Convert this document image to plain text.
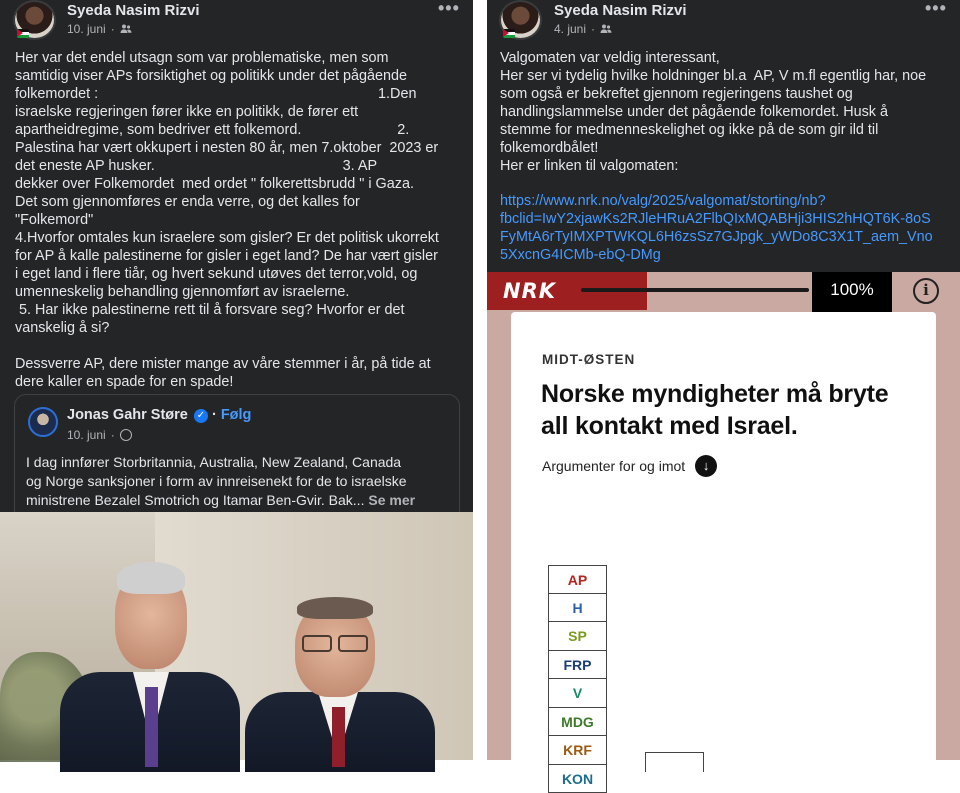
Syeda Nasim Rizvi
10. juni ·
•••
Her var det endel utsagn som var problematiske, men som
samtidig viser APs forsiktighet og politikk under det pågående
folkemordet :                                                                      1.Den
israelske regjeringen fører ikke en politikk, de fører ett
apartheidregime, som bedriver ett folkemord.                        2.
Palestina har vært okkupert i nesten 80 år, men 7.oktober  2023 er
det eneste AP husker.                                               3. AP
dekker over Folkemordet  med ordet " folkerettsbrudd " i Gaza.
Det som gjennomføres er enda verre, og det kalles for
"Folkemord"
4.Hvorfor omtales kun israelere som gisler? Er det politisk ukorrekt
for AP å kalle palestinerne for gisler i eget land? De har vært gisler
i eget land i flere tiår, og hvert sekund utøves det terror,vold, og
umenneskelig behandling gjennomført av israelerne.
5. Har ikke palestinerne rett til å forsvare seg? Hvorfor er det
vanskelig å si?
Dessverre AP, dere mister mange av våre stemmer i år, på tide at
dere kaller en spade for en spade!
Jonas Gahr Støre ✓ · Følg
10. juni ·
I dag innfører Storbritannia, Australia, New Zealand, Canada
og Norge sanksjoner i form av innreisenekt for de to israelske
ministrene Bezalel Smotrich og Itamar Ben-Gvir. Bak... Se mer
Syeda Nasim Rizvi
4. juni ·
•••
Valgomaten var veldig interessant,
Her ser vi tydelig hvilke holdninger bl.a  AP, V m.fl egentlig har, noe
som også er bekreftet gjennom regjeringens taushet og
handlingslammelse under det pågående folkemordet. Husk å
stemme for medmenneskelighet og ikke på de som gir ild til
folkemordbålet!
Her er linken til valgomaten:
https://www.nrk.no/valg/2025/valgomat/storting/nb?
fbclid=IwY2xjawKs2RJleHRuA2FlbQIxMQABHji3HIS2hHQT6K-8oS
FyMtA6rTyIMXPTWKQL6H6zsSz7GJpgk_yWDo8C3X1T_aem_Vno
5XxcnG4ICMb-ebQ-DMg
NRK	100%	i
MIDT-ØSTEN
Norske myndigheter må bryte
all kontakt med Israel.
Argumenter for og imot	↓
AP
H
SP
FRP
V
MDG
KRF
KON
